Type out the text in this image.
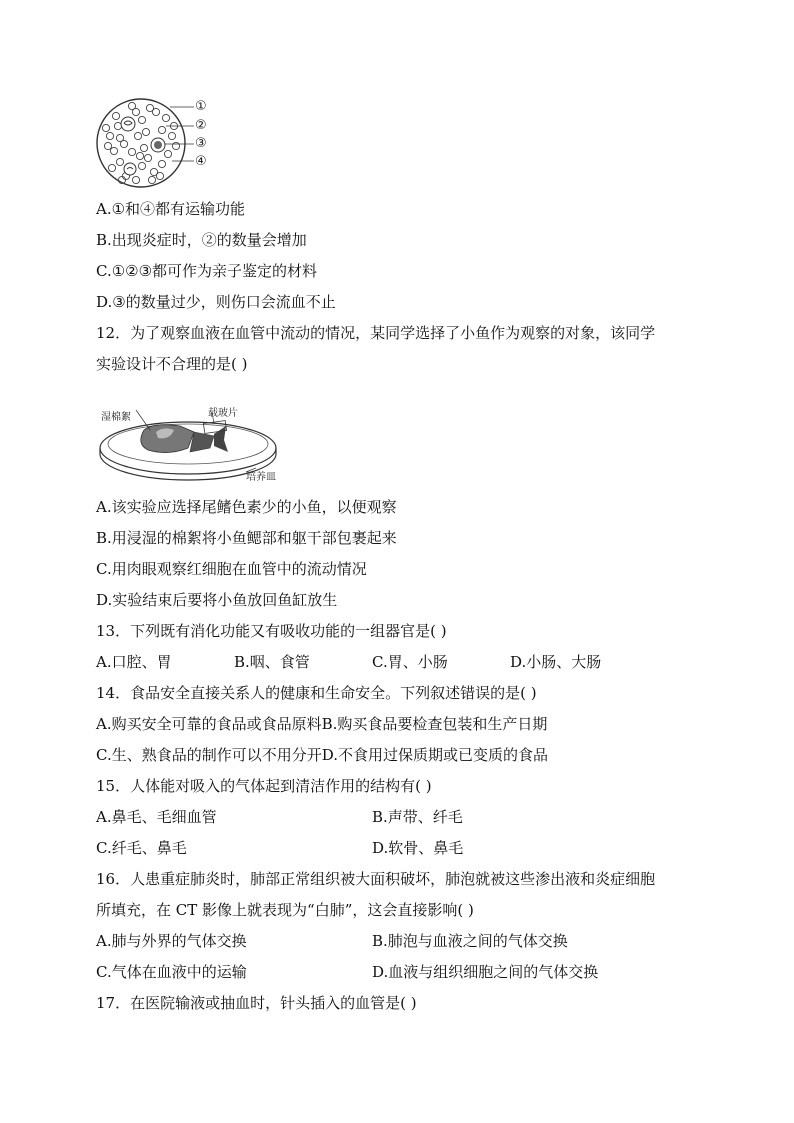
①
②
③
④
A.①和④都有运输功能
B.出现炎症时，②的数量会增加
C.①②③都可作为亲子鉴定的材料
D.③的数量过少，则伤口会流血不止
12．为了观察血液在血管中流动的情况，某同学选择了小鱼作为观察的对象，该同学
实验设计不合理的是( )
湿棉絮	载玻片
培养皿
A.该实验应选择尾鳍色素少的小鱼，以便观察
B.用浸湿的棉絮将小鱼鳃部和躯干部包裹起来
C.用肉眼观察红细胞在血管中的流动情况
D.实验结束后要将小鱼放回鱼缸放生
13．下列既有消化功能又有吸收功能的一组器官是( )
A.口腔、胃	B.咽、食管	C.胃、小肠	D.小肠、大肠
14．食品安全直接关系人的健康和生命安全。下列叙述错误的是( )
A.购买安全可靠的食品或食品原料B.购买食品要检查包装和生产日期
C.生、熟食品的制作可以不用分开D.不食用过保质期或已变质的食品
15．人体能对吸入的气体起到清洁作用的结构有( )
A.鼻毛、毛细血管	B.声带、纤毛
C.纤毛、鼻毛	D.软骨、鼻毛
16．人患重症肺炎时，肺部正常组织被大面积破坏，肺泡就被这些渗出液和炎症细胞
所填充，在 CT 影像上就表现为“白肺”，这会直接影响( )
A.肺与外界的气体交换	B.肺泡与血液之间的气体交换
C.气体在血液中的运输	D.血液与组织细胞之间的气体交换
17．在医院输液或抽血时，针头插入的血管是( )
